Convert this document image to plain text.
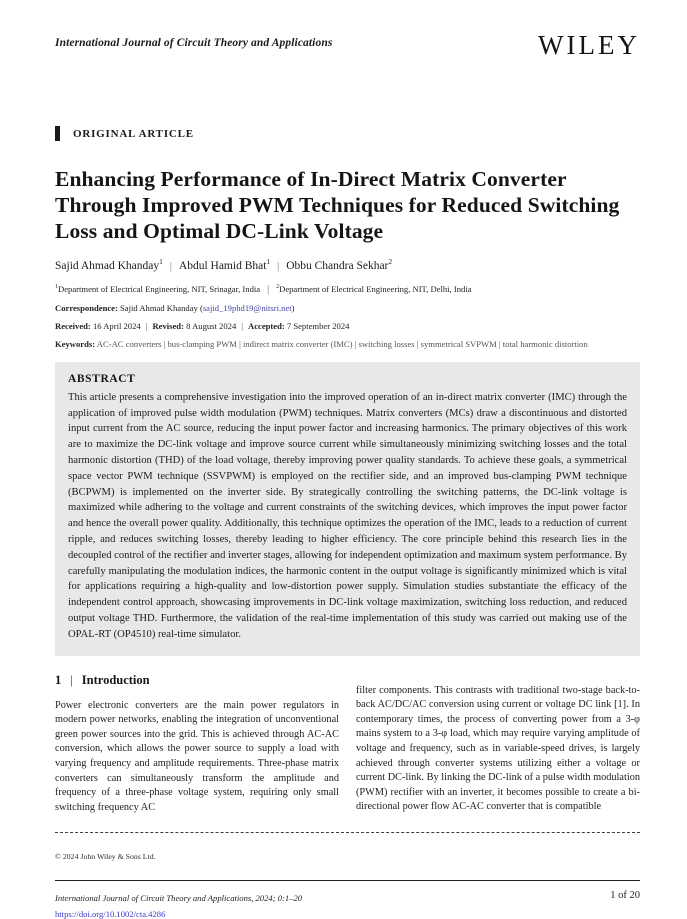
International Journal of Circuit Theory and Applications	WILEY
ORIGINAL ARTICLE
Enhancing Performance of In-Direct Matrix Converter Through Improved PWM Techniques for Reduced Switching Loss and Optimal DC-Link Voltage
Sajid Ahmad Khanday$^1$ | Abdul Hamid Bhat$^1$ | Obbu Chandra Sekhar$^2$
$^1$Department of Electrical Engineering, NIT, Srinagar, India | $^2$Department of Electrical Engineering, NIT, Delhi, India
Correspondence: Sajid Ahmad Khanday (sajid_19phd19@nitsri.net)
Received: 16 April 2024 | Revised: 8 August 2024 | Accepted: 7 September 2024
Keywords: AC-AC converters | bus-clamping PWM | indirect matrix converter (IMC) | switching losses | symmetrical SVPWM | total harmonic distortion
ABSTRACT
This article presents a comprehensive investigation into the improved operation of an in-direct matrix converter (IMC) through the application of improved pulse width modulation (PWM) techniques. Matrix converters (MCs) draw a discontinuous and distorted input current from the AC source, reducing the input power factor and increasing harmonics. The primary objectives of this work are to maximize the DC-link voltage and improve source current while simultaneously minimizing switching losses and the total harmonic distortion (THD) of the load voltage, thereby improving power quality standards. To achieve these goals, a symmetrical space vector PWM technique (SSVPWM) is employed on the rectifier side, and an improved bus-clamping PWM technique (BCPWM) is implemented on the inverter side. By strategically controlling the switching patterns, the DC-link voltage is maximized while adhering to the voltage and current constraints of the switching devices, which improves the input power factor and hence the overall power quality. Additionally, this technique optimizes the operation of the IMC, leads to a reduction of current ripple, and reduces switching losses, thereby leading to higher efficiency. The core principle behind this research lies in the decoupled control of the rectifier and inverter stages, allowing for independent optimization and maximum system performance. By carefully manipulating the modulation indices, the harmonic content in the output voltage is significantly minimized which is vital for applications requiring a high-quality and low-distortion power supply. Simulation studies substantiate the efficacy of the independent control approach, showcasing improvements in DC-link voltage maximization, switching loss reduction, and reduced output voltage THD. Furthermore, the validation of the real-time implementation of this study was carried out making use of the OPAL-RT (OP4510) real-time simulator.
1 | Introduction

Power electronic converters are the main power regulators in modern power networks, enabling the integration of unconventional green power sources into the grid. This is achieved through AC-AC conversion, which allows the power source to supply a load with varying frequency and amplitude requirements. Three-phase matrix converters can simultaneously transform the amplitude and frequency of a three-phase voltage system, requiring only small switching frequency AC

filter components. This contrasts with traditional two-stage back-to-back AC/DC/AC conversion using current or voltage DC link [1]. In contemporary times, the process of converting power from a 3-φ mains system to a 3-φ load, which may require varying amplitude of voltage and frequency, such as in variable-speed drives, is largely achieved through converter systems utilizing either a voltage or current DC-link. By linking the DC-link of a pulse width modulation (PWM) rectifier with an inverter, it becomes possible to create a bi-directional power flow AC-AC converter that is compatible

© 2024 John Wiley & Sons Ltd.
International Journal of Circuit Theory and Applications, 2024; 0:1–20
https://doi.org/10.1002/cta.4286
1 of 20
